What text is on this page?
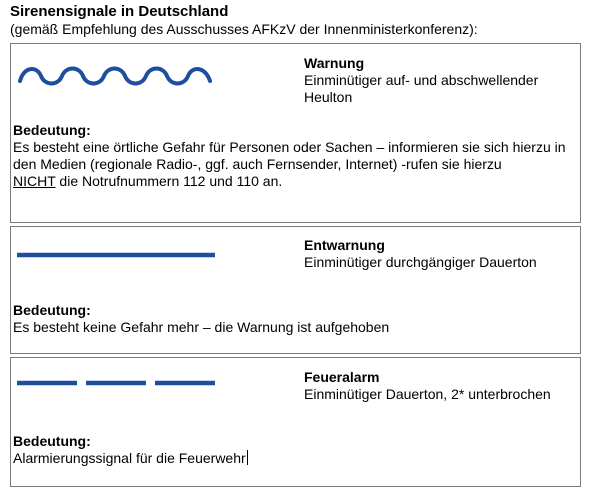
Sirenensignale in Deutschland
(gemäß Empfehlung des Ausschusses AFKzV der Innenministerkonferenz):
Warnung
Einminütiger auf- und abschwellender Heulton
Bedeutung:
Es besteht eine örtliche Gefahr für Personen oder Sachen – informieren sie sich hierzu in den Medien (regionale Radio-, ggf. auch Fernsender, Internet) -rufen sie hierzu
NICHT die Notrufnummern 112 und 110 an.
Entwarnung
Einminütiger durchgängiger Dauerton
Bedeutung:
Es besteht keine Gefahr mehr – die Warnung ist aufgehoben
Feueralarm
Einminütiger Dauerton, 2* unterbrochen
Bedeutung:
Alarmierungssignal für die Feuerwehr
